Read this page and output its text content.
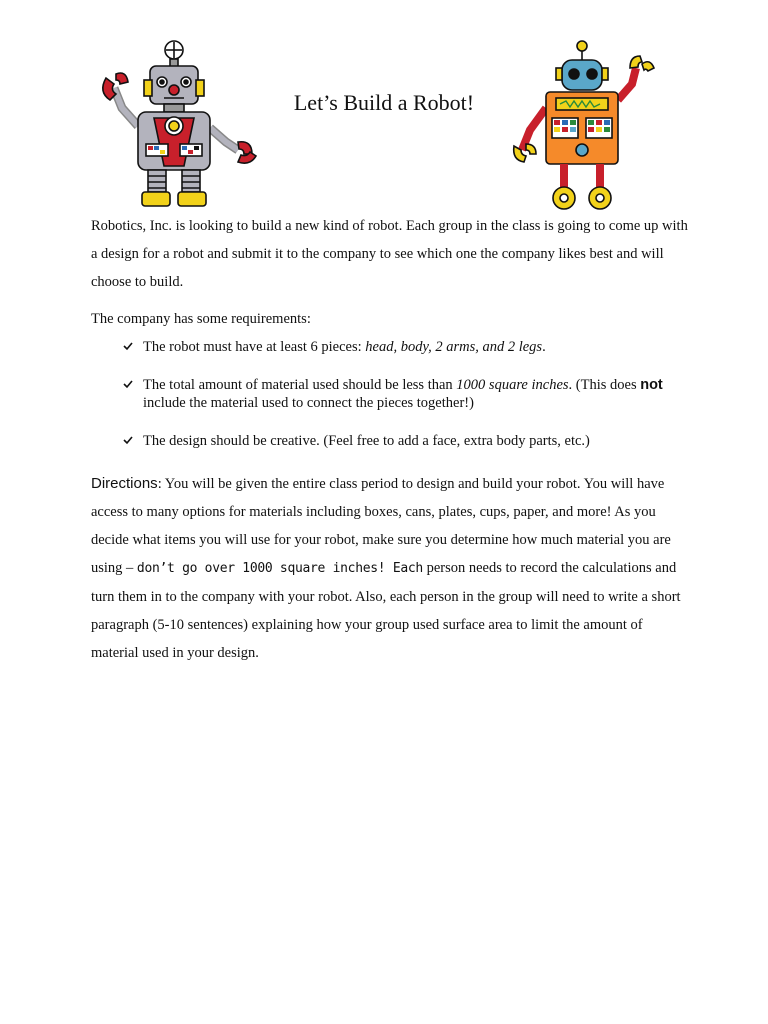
Let’s Build a Robot!

Robotics, Inc. is looking to build a new kind of robot. Each group in the class is going to come up with a design for a robot and submit it to the company to see which one the company likes best and will choose to build.

The company has some requirements:

The robot must have at least 6 pieces: head, body, 2 arms, and 2 legs.
The total amount of material used should be less than 1000 square inches. (This does not include the material used to connect the pieces together!)
The design should be creative. (Feel free to add a face, extra body parts, etc.)

Directions: You will be given the entire class period to design and build your robot. You will have access to many options for materials including boxes, cans, plates, cups, paper, and more! As you decide what items you will use for your robot, make sure you determine how much material you are using – don’t go over 1000 square inches! Each person needs to record the calculations and turn them in to the company with your robot. Also, each person in the group will need to write a short paragraph (5-10 sentences) explaining how your group used surface area to limit the amount of material used in your design.
